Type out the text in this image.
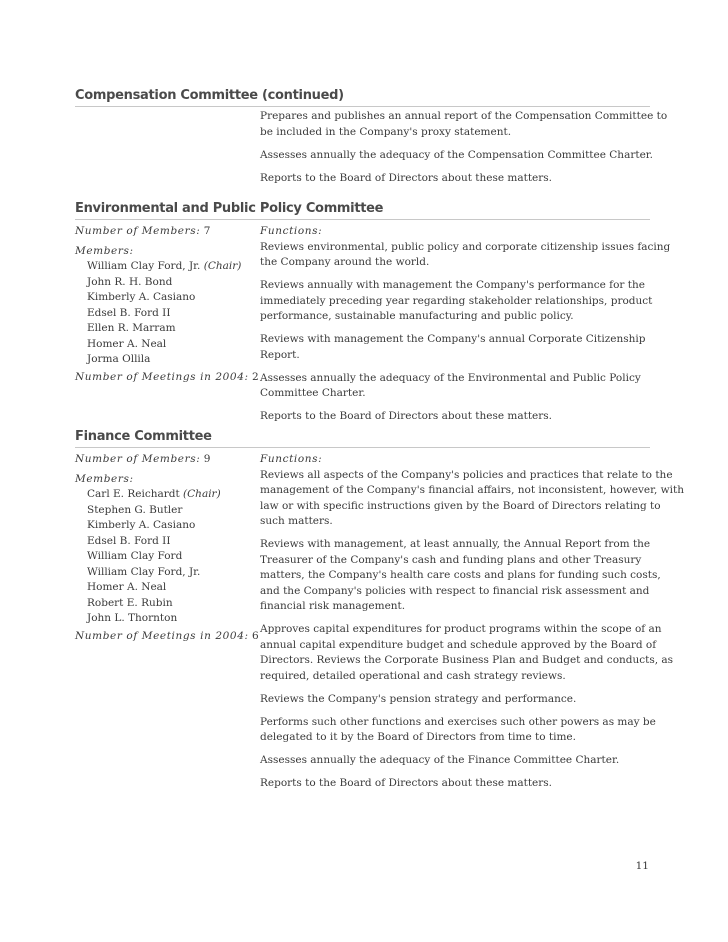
Compensation Committee (continued)
Prepares and publishes an annual report of the Compensation Committee to
be included in the Company's proxy statement.
Assesses annually the adequacy of the Compensation Committee Charter.
Reports to the Board of Directors about these matters.
Environmental and Public Policy Committee
Number of Members: 7
Members:
William Clay Ford, Jr. (Chair)
John R. H. Bond
Kimberly A. Casiano
Edsel B. Ford II
Ellen R. Marram
Homer A. Neal
Jorma Ollila
Number of Meetings in 2004: 2
Functions:
Reviews environmental, public policy and corporate citizenship issues facing
the Company around the world.
Reviews annually with management the Company's performance for the
immediately preceding year regarding stakeholder relationships, product
performance, sustainable manufacturing and public policy.
Reviews with management the Company's annual Corporate Citizenship
Report.
Assesses annually the adequacy of the Environmental and Public Policy
Committee Charter.
Reports to the Board of Directors about these matters.
Finance Committee
Number of Members: 9
Members:
Carl E. Reichardt (Chair)
Stephen G. Butler
Kimberly A. Casiano
Edsel B. Ford II
William Clay Ford
William Clay Ford, Jr.
Homer A. Neal
Robert E. Rubin
John L. Thornton
Number of Meetings in 2004: 6
Functions:
Reviews all aspects of the Company's policies and practices that relate to the
management of the Company's financial affairs, not inconsistent, however, with
law or with specific instructions given by the Board of Directors relating to
such matters.
Reviews with management, at least annually, the Annual Report from the
Treasurer of the Company's cash and funding plans and other Treasury
matters, the Company's health care costs and plans for funding such costs,
and the Company's policies with respect to financial risk assessment and
financial risk management.
Approves capital expenditures for product programs within the scope of an
annual capital expenditure budget and schedule approved by the Board of
Directors. Reviews the Corporate Business Plan and Budget and conducts, as
required, detailed operational and cash strategy reviews.
Reviews the Company's pension strategy and performance.
Performs such other functions and exercises such other powers as may be
delegated to it by the Board of Directors from time to time.
Assesses annually the adequacy of the Finance Committee Charter.
Reports to the Board of Directors about these matters.
11
